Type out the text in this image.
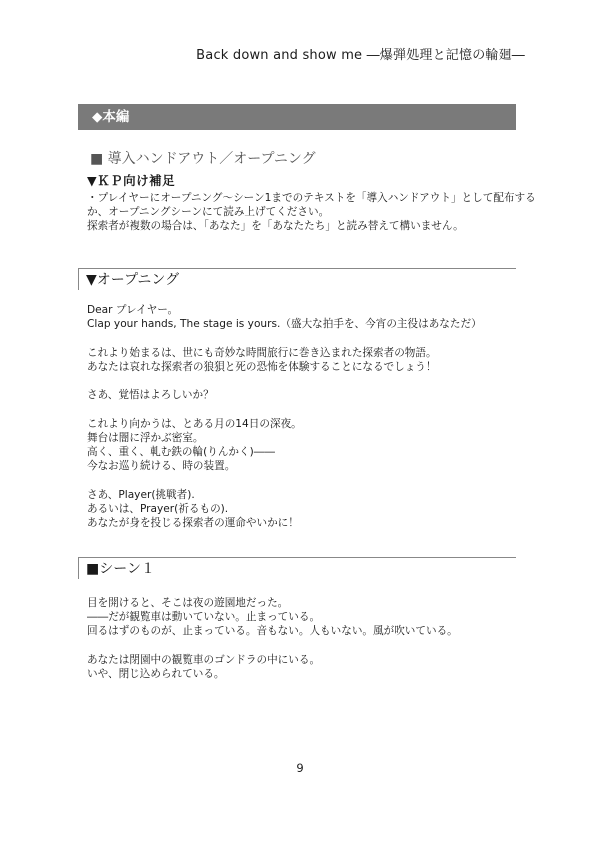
Back down and show me ―爆弾処理と記憶の輪廻―
◆本編
■ 導入ハンドアウト／オープニング
▼ＫＰ向け補足
・プレイヤーにオープニング～シーン1までのテキストを「導入ハンドアウト」として配布する
か、オープニングシーンにて読み上げてください。
探索者が複数の場合は、「あなた」を「あなたたち」と読み替えて構いません。
▼オープニング
Dear プレイヤー。
Clap your hands, The stage is yours.（盛大な拍手を、今宵の主役はあなただ）

これより始まるは、世にも奇妙な時間旅行に巻き込まれた探索者の物語。
あなたは哀れな探索者の狼狽と死の恐怖を体験することになるでしょう！

さあ、覚悟はよろしいか？

これより向かうは、とある月の14日の深夜。
舞台は闇に浮かぶ密室。
高く、重く、軋む鉄の輪(りんかく)――
今なお巡り続ける、時の装置。

さあ、Player(挑戦者).
あるいは、Prayer(祈るもの).
あなたが身を投じる探索者の運命やいかに！
■シーン１
目を開けると、そこは夜の遊園地だった。
――だが観覧車は動いていない。止まっている。
回るはずのものが、止まっている。音もない。人もいない。風が吹いている。

あなたは閉園中の観覧車のゴンドラの中にいる。
いや、閉じ込められている。
9
